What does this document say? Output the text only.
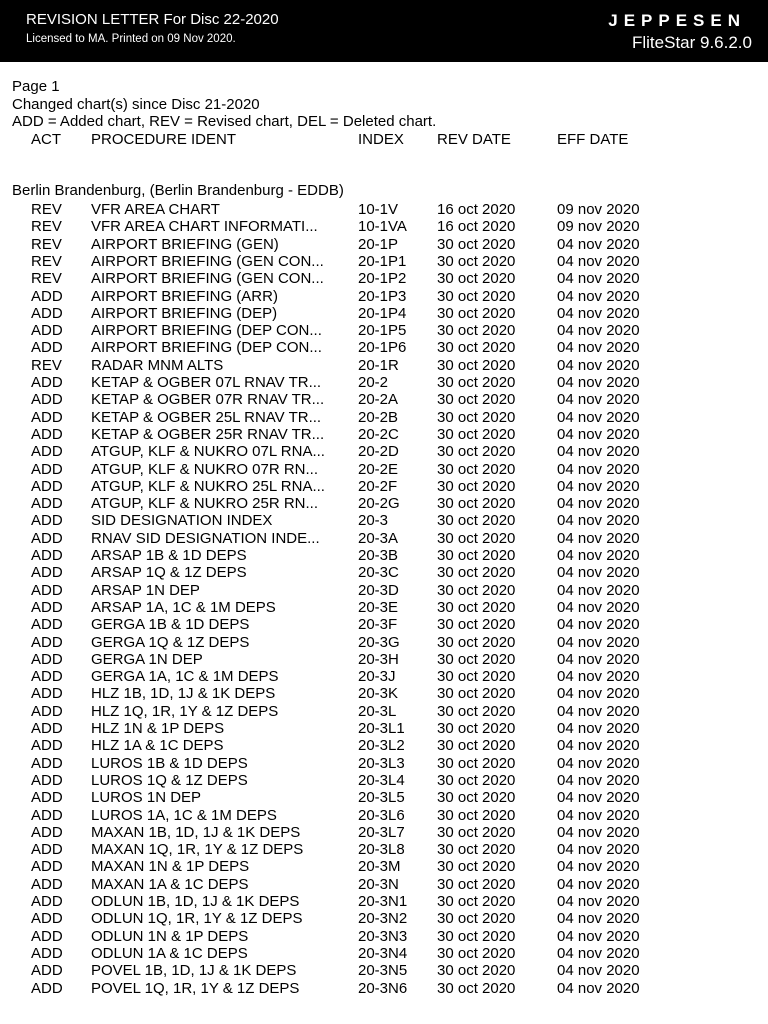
REVISION LETTER For Disc 22-2020
Licensed to MA. Printed on 09 Nov 2020.
JEPPESEN
FliteStar 9.6.2.0
Page 1
Changed chart(s) since Disc 21-2020
ADD = Added chart, REV = Revised chart, DEL = Deleted chart.
ACT PROCEDURE IDENT	INDEX REV DATE	EFF DATE
Berlin Brandenburg, (Berlin Brandenburg - EDDB)
REV VFR AREA CHART	10-1V	16 oct 2020	09 nov 2020
REV VFR AREA CHART INFORMATI...	10-1VA 16 oct 2020	09 nov 2020
REV AIRPORT BRIEFING (GEN)	20-1P	30 oct 2020	04 nov 2020
REV AIRPORT BRIEFING (GEN CON... 20-1P1 30 oct 2020	04 nov 2020
REV AIRPORT BRIEFING (GEN CON... 20-1P2 30 oct 2020	04 nov 2020
ADD AIRPORT BRIEFING (ARR)	20-1P3 30 oct 2020	04 nov 2020
ADD AIRPORT BRIEFING (DEP)	20-1P4 30 oct 2020	04 nov 2020
ADD AIRPORT BRIEFING (DEP CON... 20-1P5 30 oct 2020	04 nov 2020
ADD AIRPORT BRIEFING (DEP CON... 20-1P6 30 oct 2020	04 nov 2020
REV RADAR MNM ALTS	20-1R	30 oct 2020	04 nov 2020
ADD KETAP & OGBER 07L RNAV TR... 20-2	30 oct 2020	04 nov 2020
ADD KETAP & OGBER 07R RNAV TR... 20-2A	30 oct 2020	04 nov 2020
ADD KETAP & OGBER 25L RNAV TR... 20-2B	30 oct 2020	04 nov 2020
ADD KETAP & OGBER 25R RNAV TR... 20-2C	30 oct 2020	04 nov 2020
ADD ATGUP, KLF & NUKRO 07L RNA... 20-2D	30 oct 2020	04 nov 2020
ADD ATGUP, KLF & NUKRO 07R RN...	20-2E	30 oct 2020	04 nov 2020
ADD ATGUP, KLF & NUKRO 25L RNA... 20-2F	30 oct 2020	04 nov 2020
ADD ATGUP, KLF & NUKRO 25R RN...	20-2G 30 oct 2020	04 nov 2020
ADD SID DESIGNATION INDEX	20-3	30 oct 2020	04 nov 2020
ADD RNAV SID DESIGNATION INDE...	20-3A	30 oct 2020	04 nov 2020
ADD ARSAP 1B & 1D DEPS	20-3B	30 oct 2020	04 nov 2020
ADD ARSAP 1Q & 1Z DEPS	20-3C	30 oct 2020	04 nov 2020
ADD ARSAP 1N DEP	20-3D	30 oct 2020	04 nov 2020
ADD ARSAP 1A, 1C & 1M DEPS	20-3E	30 oct 2020	04 nov 2020
ADD GERGA 1B & 1D DEPS	20-3F	30 oct 2020	04 nov 2020
ADD GERGA 1Q & 1Z DEPS	20-3G 30 oct 2020	04 nov 2020
ADD GERGA 1N DEP	20-3H	30 oct 2020	04 nov 2020
ADD GERGA 1A, 1C & 1M DEPS	20-3J	30 oct 2020	04 nov 2020
ADD HLZ 1B, 1D, 1J & 1K DEPS	20-3K	30 oct 2020	04 nov 2020
ADD HLZ 1Q, 1R, 1Y & 1Z DEPS	20-3L	30 oct 2020	04 nov 2020
ADD HLZ 1N & 1P DEPS	20-3L1 30 oct 2020	04 nov 2020
ADD HLZ 1A & 1C DEPS	20-3L2 30 oct 2020	04 nov 2020
ADD LUROS 1B & 1D DEPS	20-3L3 30 oct 2020	04 nov 2020
ADD LUROS 1Q & 1Z DEPS	20-3L4 30 oct 2020	04 nov 2020
ADD LUROS 1N DEP	20-3L5 30 oct 2020	04 nov 2020
ADD LUROS 1A, 1C & 1M DEPS	20-3L6 30 oct 2020	04 nov 2020
ADD MAXAN 1B, 1D, 1J & 1K DEPS	20-3L7 30 oct 2020	04 nov 2020
ADD MAXAN 1Q, 1R, 1Y & 1Z DEPS	20-3L8 30 oct 2020	04 nov 2020
ADD MAXAN 1N & 1P DEPS	20-3M 30 oct 2020	04 nov 2020
ADD MAXAN 1A & 1C DEPS	20-3N	30 oct 2020	04 nov 2020
ADD ODLUN 1B, 1D, 1J & 1K DEPS	20-3N1 30 oct 2020	04 nov 2020
ADD ODLUN 1Q, 1R, 1Y & 1Z DEPS	20-3N2 30 oct 2020	04 nov 2020
ADD ODLUN 1N & 1P DEPS	20-3N3 30 oct 2020	04 nov 2020
ADD ODLUN 1A & 1C DEPS	20-3N4 30 oct 2020	04 nov 2020
ADD POVEL 1B, 1D, 1J & 1K DEPS	20-3N5 30 oct 2020	04 nov 2020
ADD POVEL 1Q, 1R, 1Y & 1Z DEPS	20-3N6 30 oct 2020	04 nov 2020
